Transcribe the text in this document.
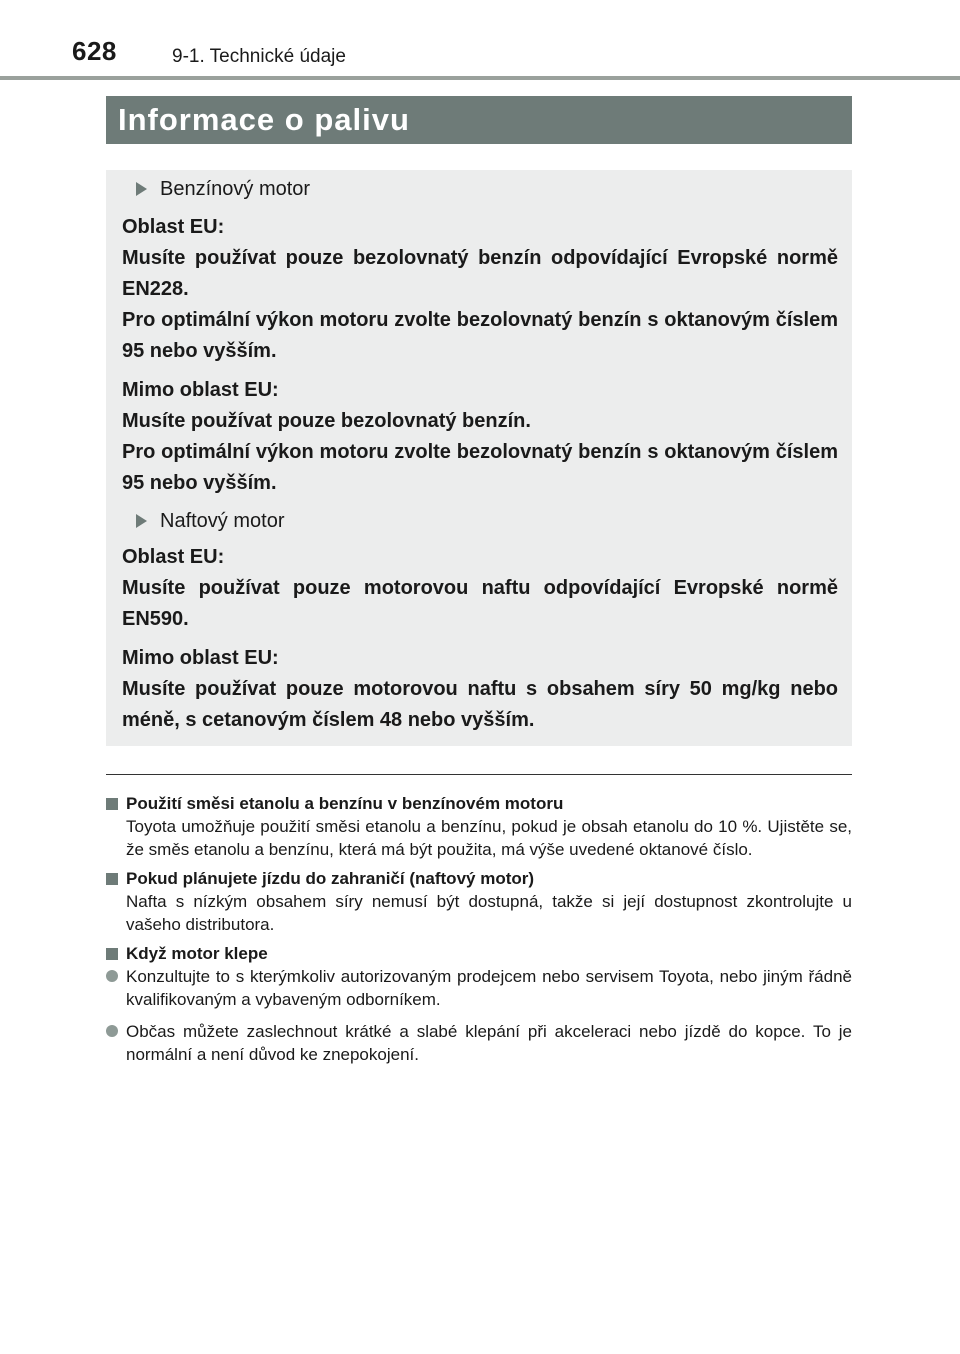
628	9-1. Technické údaje
Informace o palivu
Benzínový motor

Oblast EU:

Musíte používat pouze bezolovnatý benzín odpovídající Evropské normě EN228.

Pro optimální výkon motoru zvolte bezolovnatý benzín s oktanovým číslem 95 nebo vyšším.

Mimo oblast EU:

Musíte používat pouze bezolovnatý benzín.

Pro optimální výkon motoru zvolte bezolovnatý benzín s oktanovým číslem 95 nebo vyšším.

Naftový motor

Oblast EU:

Musíte používat pouze motorovou naftu odpovídající Evropské normě EN590.

Mimo oblast EU:

Musíte používat pouze motorovou naftu s obsahem síry 50 mg/kg nebo méně, s cetanovým číslem 48 nebo vyšším.

Použití směsi etanolu a benzínu v benzínovém motoru
Toyota umožňuje použití směsi etanolu a benzínu, pokud je obsah etanolu do 10 %. Ujistěte se, že směs etanolu a benzínu, která má být použita, má výše uvedené oktanové číslo.
Pokud plánujete jízdu do zahraničí (naftový motor)
Nafta s nízkým obsahem síry nemusí být dostupná, takže si její dostupnost zkontrolujte u vašeho distributora.
Když motor klepe
Konzultujte to s kterýmkoliv autorizovaným prodejcem nebo servisem Toyota, nebo jiným řádně kvalifikovaným a vybaveným odborníkem.
Občas můžete zaslechnout krátké a slabé klepání při akceleraci nebo jízdě do kopce. To je normální a není důvod ke znepokojení.
